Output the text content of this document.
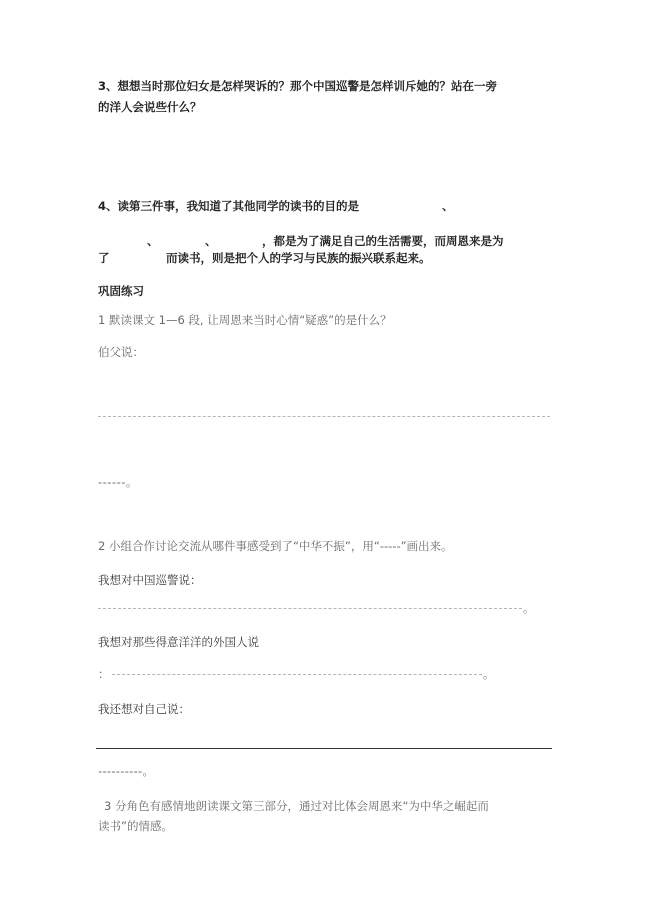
3、想想当时那位妇女是怎样哭诉的？那个中国巡警是怎样训斥她的？站在一旁
的洋人会说些什么？
4、读第三件事，我知道了其他同学的读书的目的是	、
、	、	，都是为了满足自己的生活需要，而周恩来是为
了	而读书，则是把个人的学习与民族的振兴联系起来。
巩固练习
1 默读课文 1—6 段, 让周恩来当时心情“疑惑”的是什么？
伯父说：
------。
2 小组合作讨论交流从哪件事感受到了“中华不振”，用“-----”画出来。
我想对中国巡警说：
。
我想对那些得意洋洋的外国人说
：	。
我还想对自己说：
----------。
3 分角色有感情地朗读课文第三部分，通过对比体会周恩来“为中华之崛起而
读书”的情感。
